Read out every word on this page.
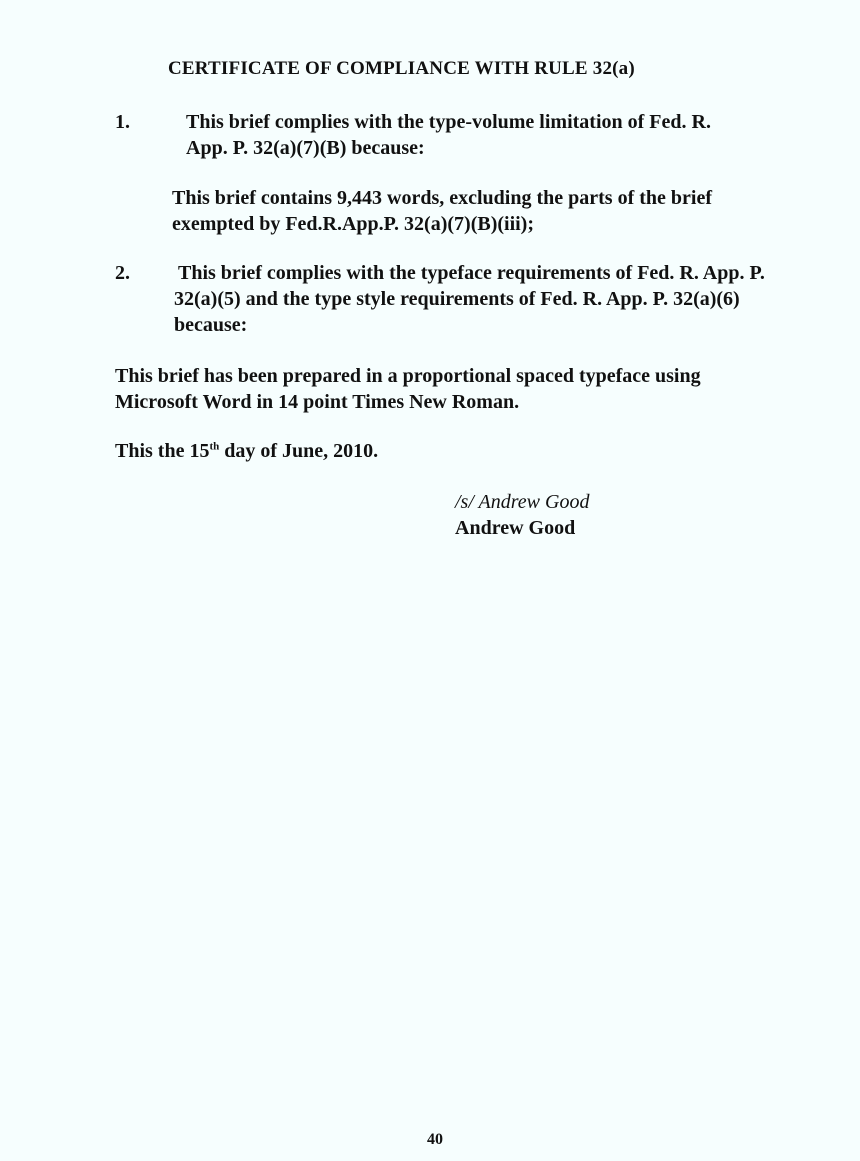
CERTIFICATE OF COMPLIANCE WITH RULE 32(a)
1.	This brief complies with the type-volume limitation of Fed. R.
App. P. 32(a)(7)(B) because:
This brief contains 9,443 words, excluding the parts of the brief
exempted by Fed.R.App.P. 32(a)(7)(B)(iii);
2. This brief complies with the typeface requirements of Fed. R. App. P.
32(a)(5) and the type style requirements of Fed. R. App. P. 32(a)(6)
because:
This brief has been prepared in a proportional spaced typeface using
Microsoft Word in 14 point Times New Roman.
This the 15th day of June, 2010.
/s/ Andrew Good
Andrew Good
40
